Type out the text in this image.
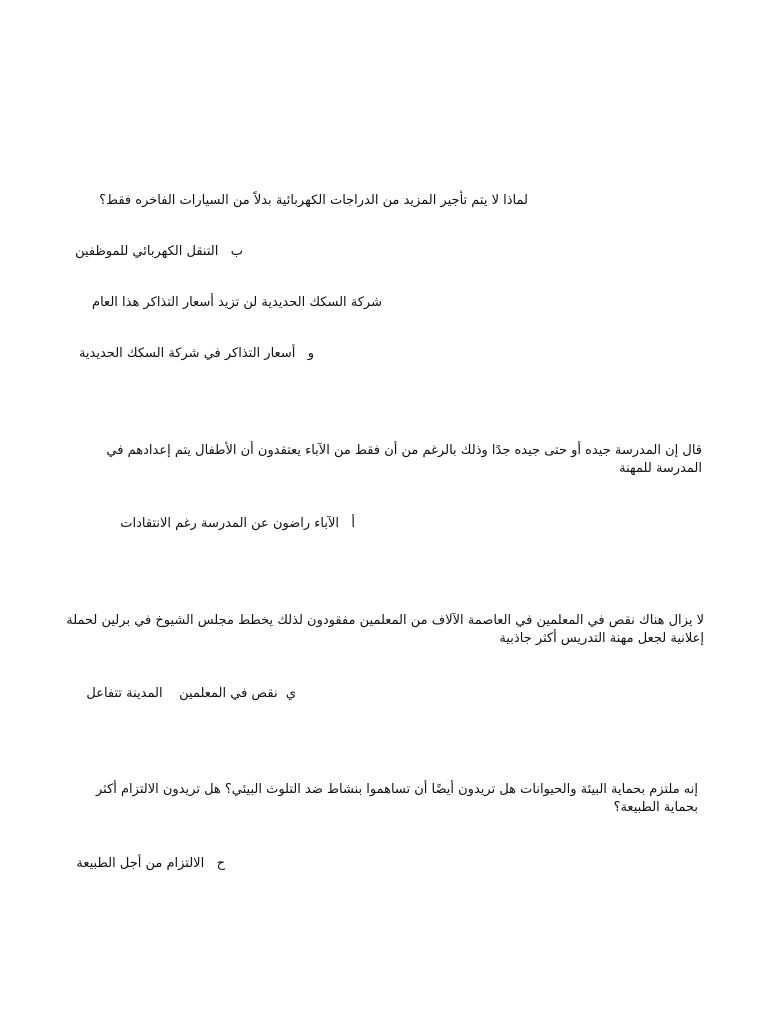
لماذا لا يتم تأجير المزيد من الدراجات الكهربائية بدلاً من السيارات الفاخره فقط؟
ب   التنقل الكهربائي للموظفين
شركة السكك الحديدية لن تزيد أسعار التذاكر هذا العام
و   أسعار التذاكر في شركة السكك الحديدية
قال إن المدرسة جيده أو حتى جيده جدًا وذلك بالرغم من أن فقط من الآباء يعتقدون أن الأطفال يتم إعدادهم في المدرسة للمهنة
أ   الآباء راضون عن المدرسة رغم الانتقادات
لا يزال هناك نقص في المعلمين في العاصمة الآلاف من المعلمين مفقودون لذلك يخطط مجلس الشيوخ في برلين لحملة إعلانية لجعل مهنة التدريس أكثر جاذبية
ي  نقص في المعلمين    المدينة تتفاعل
إنه ملتزم بحماية البيئة والحيوانات هل تريدون أيضًا أن تساهموا بنشاط ضد التلوث البيئي؟ هل تريدون الالتزام أكثر بحماية الطبيعة؟
ح   الالتزام من أجل الطبيعة
